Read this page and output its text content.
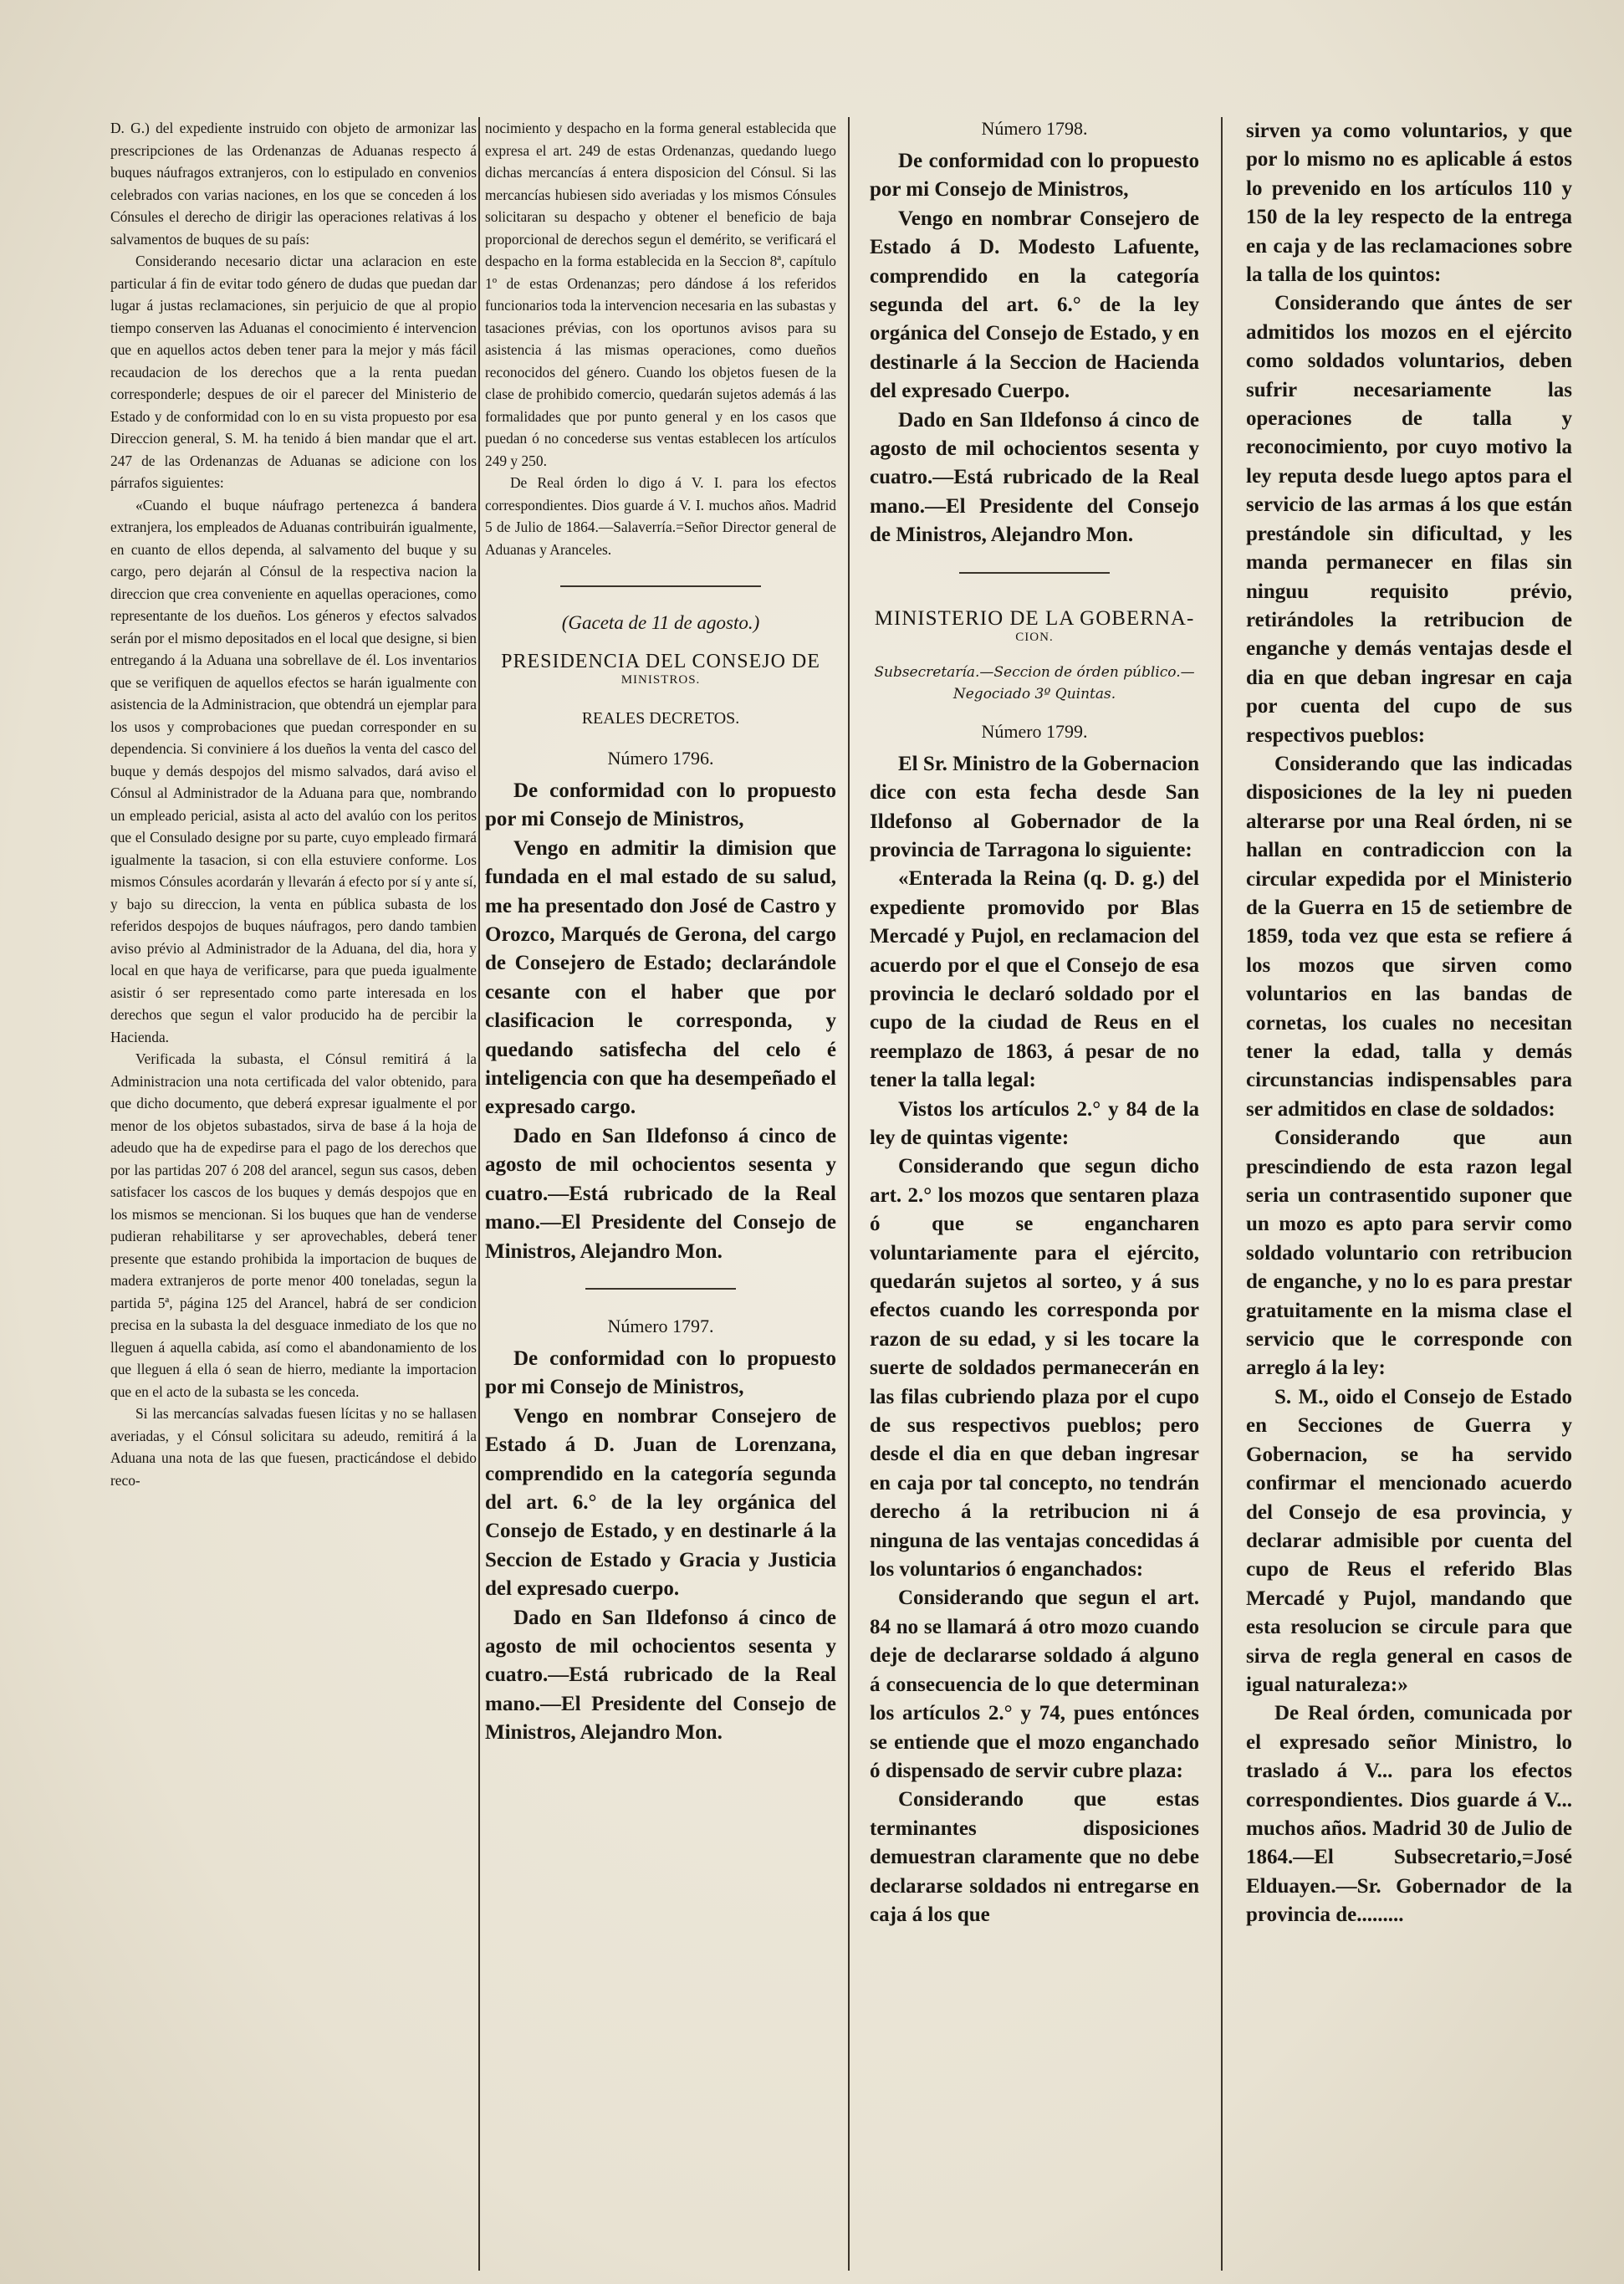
D. G.) del expediente instruido con objeto de armonizar las prescripciones de las Ordenanzas de Aduanas respecto á buques náufragos extranjeros, con lo estipulado en convenios celebrados con varias naciones, en los que se conceden á los Cónsules el derecho de dirigir las operaciones relativas á los salvamentos de buques de su país:

Considerando necesario dictar una aclaracion en este particular á fin de evitar todo género de dudas que puedan dar lugar á justas reclamaciones, sin perjuicio de que al propio tiempo conserven las Aduanas el conocimiento é intervencion que en aquellos actos deben tener para la mejor y más fácil recaudacion de los derechos que a la renta puedan corresponderle; despues de oir el parecer del Ministerio de Estado y de conformidad con lo en su vista propuesto por esa Direccion general, S. M. ha tenido á bien mandar que el art. 247 de las Ordenanzas de Aduanas se adicione con los párrafos siguientes:

«Cuando el buque náufrago pertenezca á bandera extranjera, los empleados de Aduanas contribuirán igualmente, en cuanto de ellos dependa, al salvamento del buque y su cargo, pero dejarán al Cónsul de la respectiva nacion la direccion que crea conveniente en aquellas operaciones, como representante de los dueños. Los géneros y efectos salvados serán por el mismo depositados en el local que designe, si bien entregando á la Aduana una sobrellave de él. Los inventarios que se verifiquen de aquellos efectos se harán igualmente con asistencia de la Administracion, que obtendrá un ejemplar para los usos y comprobaciones que puedan corresponder en su dependencia. Si conviniere á los dueños la venta del casco del buque y demás despojos del mismo salvados, dará aviso el Cónsul al Administrador de la Aduana para que, nombrando un empleado pericial, asista al acto del avalúo con los peritos que el Consulado designe por su parte, cuyo empleado firmará igualmente la tasacion, si con ella estuviere conforme. Los mismos Cónsules acordarán y llevarán á efecto por sí y ante sí, y bajo su direccion, la venta en pública subasta de los referidos despojos de buques náufragos, pero dando tambien aviso prévio al Administrador de la Aduana, del dia, hora y local en que haya de verificarse, para que pueda igualmente asistir ó ser representado como parte interesada en los derechos que segun el valor producido ha de percibir la Hacienda.

Verificada la subasta, el Cónsul remitirá á la Administracion una nota certificada del valor obtenido, para que dicho documento, que deberá expresar igualmente el por menor de los objetos subastados, sirva de base á la hoja de adeudo que ha de expedirse para el pago de los derechos que por las partidas 207 ó 208 del arancel, segun sus casos, deben satisfacer los cascos de los buques y demás despojos que en los mismos se mencionan. Si los buques que han de venderse pudieran rehabilitarse y ser aprovechables, deberá tener presente que estando prohibida la importacion de buques de madera extranjeros de porte menor 400 toneladas, segun la partida 5ª, página 125 del Arancel, habrá de ser condicion precisa en la subasta la del desguace inmediato de los que no lleguen á aquella cabida, así como el abandonamiento de los que lleguen á ella ó sean de hierro, mediante la importacion que en el acto de la subasta se les conceda.

Si las mercancías salvadas fuesen lícitas y no se hallasen averiadas, y el Cónsul solicitara su adeudo, remitirá á la Aduana una nota de las que fuesen, practicándose el debido reco-

nocimiento y despacho en la forma general establecida que expresa el art. 249 de estas Ordenanzas, quedando luego dichas mercancías á entera disposicion del Cónsul. Si las mercancías hubiesen sido averiadas y los mismos Cónsules solicitaran su despacho y obtener el beneficio de baja proporcional de derechos segun el demérito, se verificará el despacho en la forma establecida en la Seccion 8ª, capítulo 1º de estas Ordenanzas; pero dándose á los referidos funcionarios toda la intervencion necesaria en las subastas y tasaciones prévias, con los oportunos avisos para su asistencia á las mismas operaciones, como dueños reconocidos del género. Cuando los objetos fuesen de la clase de prohibido comercio, quedarán sujetos además á las formalidades que por punto general y en los casos que puedan ó no concederse sus ventas establecen los artículos 249 y 250.

De Real órden lo digo á V. I. para los efectos correspondientes. Dios guarde á V. I. muchos años. Madrid 5 de Julio de 1864.—Salaverría.=Señor Director general de Aduanas y Aranceles.

(Gaceta de 11 de agosto.)

PRESIDENCIA DEL CONSEJO DE

MINISTROS.

REALES DECRETOS.

Número 1796.

De conformidad con lo propuesto por mi Consejo de Ministros,

Vengo en admitir la dimision que fundada en el mal estado de su salud, me ha presentado don José de Castro y Orozco, Marqués de Gerona, del cargo de Consejero de Estado; declarándole cesante con el haber que por clasificacion le corresponda, y quedando satisfecha del celo é inteligencia con que ha desempeñado el expresado cargo.

Dado en San Ildefonso á cinco de agosto de mil ochocientos sesenta y cuatro.—Está rubricado de la Real mano.—El Presidente del Consejo de Ministros, Alejandro Mon.

Número 1797.

De conformidad con lo propuesto por mi Consejo de Ministros,

Vengo en nombrar Consejero de Estado á D. Juan de Lorenzana, comprendido en la categoría segunda del art. 6.° de la ley orgánica del Consejo de Estado, y en destinarle á la Seccion de Estado y Gracia y Justicia del expresado cuerpo.

Dado en San Ildefonso á cinco de agosto de mil ochocientos sesenta y cuatro.—Está rubricado de la Real mano.—El Presidente del Consejo de Ministros, Alejandro Mon.

Número 1798.

De conformidad con lo propuesto por mi Consejo de Ministros,

Vengo en nombrar Consejero de Estado á D. Modesto Lafuente, comprendido en la categoría segunda del art. 6.° de la ley orgánica del Consejo de Estado, y en destinarle á la Seccion de Hacienda del expresado Cuerpo.

Dado en San Ildefonso á cinco de agosto de mil ochocientos sesenta y cuatro.—Está rubricado de la Real mano.—El Presidente del Consejo de Ministros, Alejandro Mon.

MINISTERIO DE LA GOBERNA-

CION.

Subsecretaría.—Seccion de órden público.—Negociado 3º Quintas.

Número 1799.

El Sr. Ministro de la Gobernacion dice con esta fecha desde San Ildefonso al Gobernador de la provincia de Tarragona lo siguiente:

«Enterada la Reina (q. D. g.) del expediente promovido por Blas Mercadé y Pujol, en reclamacion del acuerdo por el que el Consejo de esa provincia le declaró soldado por el cupo de la ciudad de Reus en el reemplazo de 1863, á pesar de no tener la talla legal:

Vistos los artículos 2.° y 84 de la ley de quintas vigente:

Considerando que segun dicho art. 2.° los mozos que sentaren plaza ó que se engancharen voluntariamente para el ejército, quedarán sujetos al sorteo, y á sus efectos cuando les corresponda por razon de su edad, y si les tocare la suerte de soldados permanecerán en las filas cubriendo plaza por el cupo de sus respectivos pueblos; pero desde el dia en que deban ingresar en caja por tal concepto, no tendrán derecho á la retribucion ni á ninguna de las ventajas concedidas á los voluntarios ó enganchados:

Considerando que segun el art. 84 no se llamará á otro mozo cuando deje de declararse soldado á alguno á consecuencia de lo que determinan los artículos 2.° y 74, pues entónces se entiende que el mozo enganchado ó dispensado de servir cubre plaza:

Considerando que estas terminantes disposiciones demuestran claramente que no debe declararse soldados ni entregarse en caja á los que

sirven ya como voluntarios, y que por lo mismo no es aplicable á estos lo prevenido en los artículos 110 y 150 de la ley respecto de la entrega en caja y de las reclamaciones sobre la talla de los quintos:

Considerando que ántes de ser admitidos los mozos en el ejército como soldados voluntarios, deben sufrir necesariamente las operaciones de talla y reconocimiento, por cuyo motivo la ley reputa desde luego aptos para el servicio de las armas á los que están prestándole sin dificultad, y les manda permanecer en filas sin ninguu requisito prévio, retirándoles la retribucion de enganche y demás ventajas desde el dia en que deban ingresar en caja por cuenta del cupo de sus respectivos pueblos:

Considerando que las indicadas disposiciones de la ley ni pueden alterarse por una Real órden, ni se hallan en contradiccion con la circular expedida por el Ministerio de la Guerra en 15 de setiembre de 1859, toda vez que esta se refiere á los mozos que sirven como voluntarios en las bandas de cornetas, los cuales no necesitan tener la edad, talla y demás circunstancias indispensables para ser admitidos en clase de soldados:

Considerando que aun prescindiendo de esta razon legal seria un contrasentido suponer que un mozo es apto para servir como soldado voluntario con retribucion de enganche, y no lo es para prestar gratuitamente en la misma clase el servicio que le corresponde con arreglo á la ley:

S. M., oido el Consejo de Estado en Secciones de Guerra y Gobernacion, se ha servido confirmar el mencionado acuerdo del Consejo de esa provincia, y declarar admisible por cuenta del cupo de Reus el referido Blas Mercadé y Pujol, mandando que esta resolucion se circule para que sirva de regla general en casos de igual naturaleza:»

De Real órden, comunicada por el expresado señor Ministro, lo traslado á V... para los efectos correspondientes. Dios guarde á V... muchos años. Madrid 30 de Julio de 1864.—El Subsecretario,=José Elduayen.—Sr. Gobernador de la provincia de.........
